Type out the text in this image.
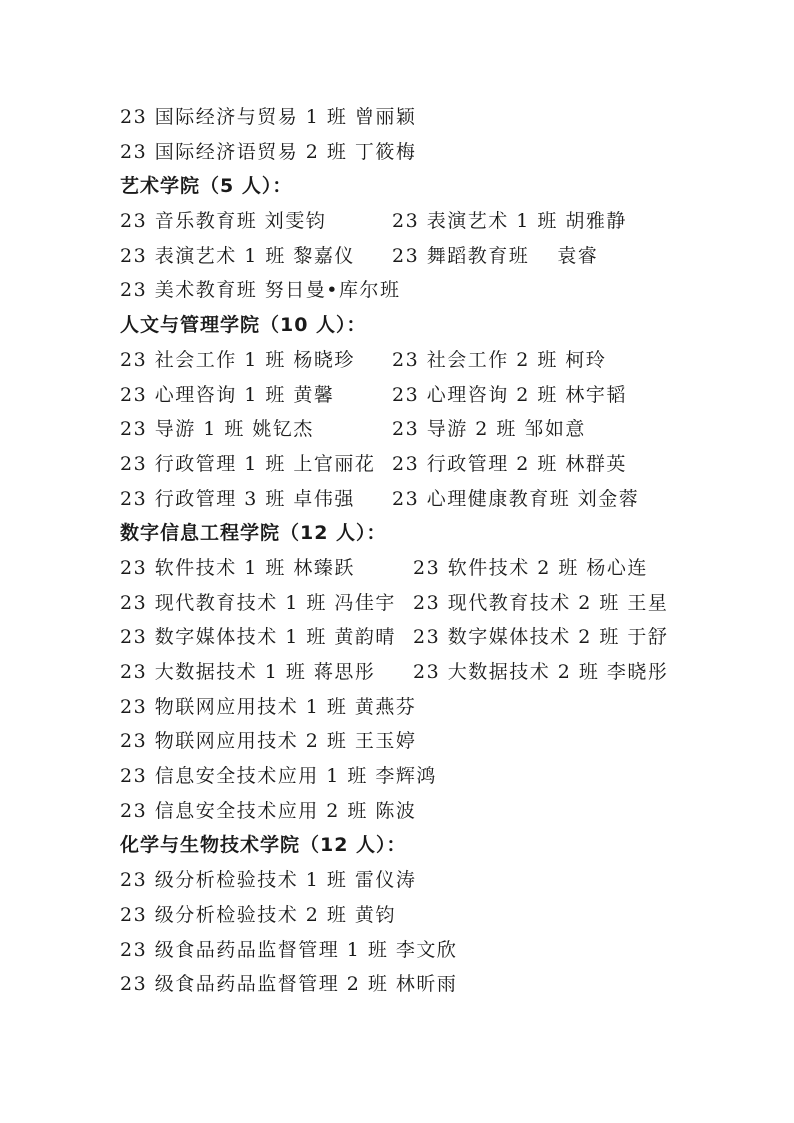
23 国际经济与贸易 1 班 曾丽颖
23 国际经济语贸易 2 班 丁筱梅
艺术学院（5 人）：
23 音乐教育班 刘雯钧	23 表演艺术 1 班 胡雅静
23 表演艺术 1 班 黎嘉仪 23 舞蹈教育班　 袁睿
23 美术教育班 努日曼•库尔班
人文与管理学院（10 人）：
23 社会工作 1 班 杨晓珍 23 社会工作 2 班 柯玲
23 心理咨询 1 班 黄馨	23 心理咨询 2 班 林宇韬
23 导游 1 班 姚钇杰	23 导游 2 班 邹如意
23 行政管理 1 班 上官丽花 23 行政管理 2 班 林群英
23 行政管理 3 班 卓伟强 23 心理健康教育班 刘金蓉
数字信息工程学院（12 人）：
23 软件技术 1 班 林臻跃	23 软件技术 2 班 杨心连
23 现代教育技术 1 班 冯佳宇 23 现代教育技术 2 班 王星
23 数字媒体技术 1 班 黄韵晴 23 数字媒体技术 2 班 于舒
23 大数据技术 1 班 蒋思彤 23 大数据技术 2 班 李晓彤
23 物联网应用技术 1 班 黄燕芬
23 物联网应用技术 2 班 王玉婷
23 信息安全技术应用 1 班 李辉鸿
23 信息安全技术应用 2 班 陈波
化学与生物技术学院（12 人）：
23 级分析检验技术 1 班 雷仪涛
23 级分析检验技术 2 班 黄钧
23 级食品药品监督管理 1 班 李文欣
23 级食品药品监督管理 2 班 林昕雨
